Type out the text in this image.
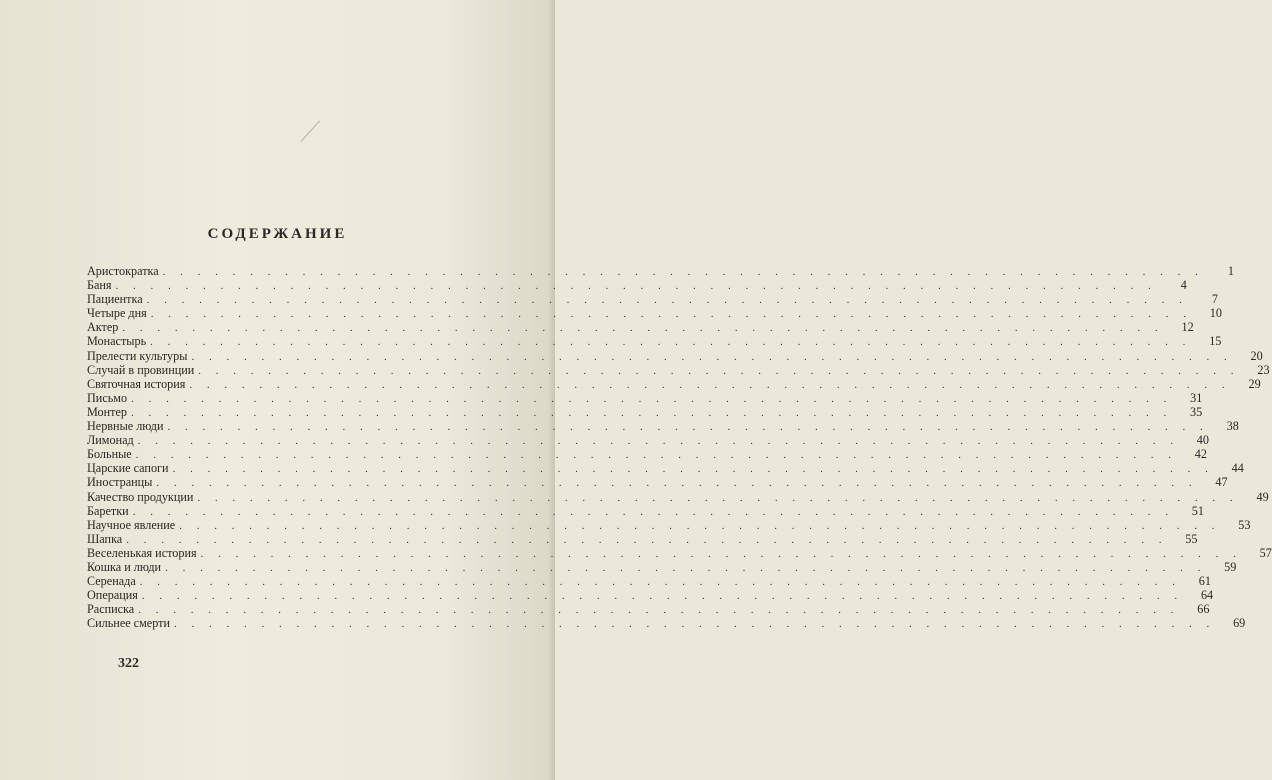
СОДЕРЖАНИЕ
Аристократка . . . . . . . . . . . . . . . . . . . . . . . . . . . . . . . . . . . . . . . . . . . . . . . . . . . . . . . . . . . .	1
Баня . . . . . . . . . . . . . . . . . . . . . . . . . . . . . . . . . . . . . . . . . . . . . . . . . . . . . . . . . . . .	4
Пациентка . . . . . . . . . . . . . . . . . . . . . . . . . . . . . . . . . . . . . . . . . . . . . . . . . . . . . . . . . . . .	7
Четыре дня . . . . . . . . . . . . . . . . . . . . . . . . . . . . . . . . . . . . . . . . . . . . . . . . . . . . . . . . . . . .	10
Актер . . . . . . . . . . . . . . . . . . . . . . . . . . . . . . . . . . . . . . . . . . . . . . . . . . . . . . . . . . . .	12
Монастырь . . . . . . . . . . . . . . . . . . . . . . . . . . . . . . . . . . . . . . . . . . . . . . . . . . . . . . . . . . . .	15
Прелести культуры . . . . . . . . . . . . . . . . . . . . . . . . . . . . . . . . . . . . . . . . . . . . . . . . . . . . . . . . . . . .	20
Случай в провинции . . . . . . . . . . . . . . . . . . . . . . . . . . . . . . . . . . . . . . . . . . . . . . . . . . . . . . . . . . . .	23
Святочная история . . . . . . . . . . . . . . . . . . . . . . . . . . . . . . . . . . . . . . . . . . . . . . . . . . . . . . . . . . . .	29
Письмо . . . . . . . . . . . . . . . . . . . . . . . . . . . . . . . . . . . . . . . . . . . . . . . . . . . . . . . . . . . .	31
Монтер . . . . . . . . . . . . . . . . . . . . . . . . . . . . . . . . . . . . . . . . . . . . . . . . . . . . . . . . . . . .	35
Нервные люди . . . . . . . . . . . . . . . . . . . . . . . . . . . . . . . . . . . . . . . . . . . . . . . . . . . . . . . . . . . .	38
Лимонад . . . . . . . . . . . . . . . . . . . . . . . . . . . . . . . . . . . . . . . . . . . . . . . . . . . . . . . . . . . .	40
Больные . . . . . . . . . . . . . . . . . . . . . . . . . . . . . . . . . . . . . . . . . . . . . . . . . . . . . . . . . . . .	42
Царские сапоги . . . . . . . . . . . . . . . . . . . . . . . . . . . . . . . . . . . . . . . . . . . . . . . . . . . . . . . . . . . .	44
Иностранцы . . . . . . . . . . . . . . . . . . . . . . . . . . . . . . . . . . . . . . . . . . . . . . . . . . . . . . . . . . . .	47
Качество продукции . . . . . . . . . . . . . . . . . . . . . . . . . . . . . . . . . . . . . . . . . . . . . . . . . . . . . . . . . . . .	49
Баретки . . . . . . . . . . . . . . . . . . . . . . . . . . . . . . . . . . . . . . . . . . . . . . . . . . . . . . . . . . . .	51
Научное явление . . . . . . . . . . . . . . . . . . . . . . . . . . . . . . . . . . . . . . . . . . . . . . . . . . . . . . . . . . . .	53
Шапка . . . . . . . . . . . . . . . . . . . . . . . . . . . . . . . . . . . . . . . . . . . . . . . . . . . . . . . . . . . .	55
Веселенькая история . . . . . . . . . . . . . . . . . . . . . . . . . . . . . . . . . . . . . . . . . . . . . . . . . . . . . . . . . . . .	57
Кошка и люди . . . . . . . . . . . . . . . . . . . . . . . . . . . . . . . . . . . . . . . . . . . . . . . . . . . . . . . . . . . .	59
Серенада . . . . . . . . . . . . . . . . . . . . . . . . . . . . . . . . . . . . . . . . . . . . . . . . . . . . . . . . . . . .	61
Операция . . . . . . . . . . . . . . . . . . . . . . . . . . . . . . . . . . . . . . . . . . . . . . . . . . . . . . . . . . . .	64
Расписка . . . . . . . . . . . . . . . . . . . . . . . . . . . . . . . . . . . . . . . . . . . . . . . . . . . . . . . . . . . .	66
Сильнее смерти . . . . . . . . . . . . . . . . . . . . . . . . . . . . . . . . . . . . . . . . . . . . . . . . . . . . . . . . . . . .	69
322
